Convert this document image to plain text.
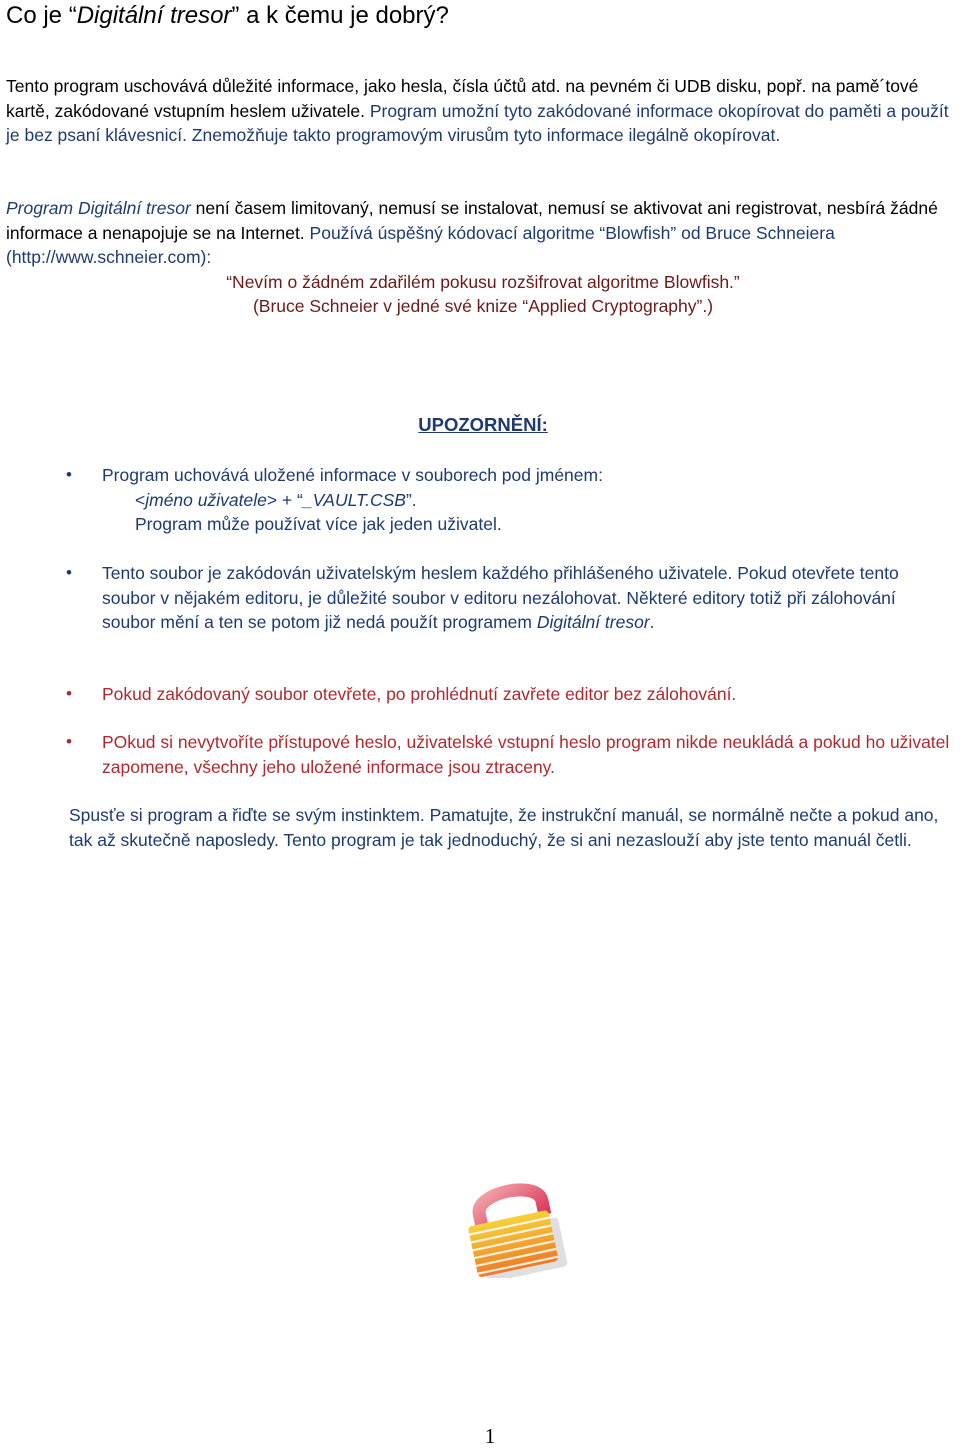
Co je “Digitální tresor” a k čemu je dobrý?
Tento program uschovává důležité informace, jako hesla, čísla účtů atd. na pevném či UDB disku, popř. na pamě´tové kartě, zakódované vstupním heslem uživatele. Program umožní tyto zakódované informace okopírovat do paměti a použít je bez psaní klávesnicí. Znemožňuje takto programovým virusům tyto informace ilegálně okopírovat.
Program Digitální tresor není časem limitovaný, nemusí se instalovat, nemusí se aktivovat ani registrovat, nesbírá žádné informace a nenapojuje se na Internet. Používá úspěšný kódovací algoritme “Blowfish” od Bruce Schneiera (http://www.schneier.com):
“Nevím o žádném zdařilém pokusu rozšifrovat algoritme Blowfish.”
(Bruce Schneier v jedné své knize “Applied Cryptography”.)
UPOZORNĚNÍ:
• Program uchovává uložené informace v souborech pod jménem:
<jméno uživatele> + “_VAULT.CSB”.
Program může používat více jak jeden uživatel.
• Tento soubor je zakódován uživatelským heslem každého přihlášeného uživatele. Pokud otevřete tento soubor v nějakém editoru, je důležité soubor v editoru nezálohovat. Některé editory totiž při zálohování soubor mění a ten se potom již nedá použít programem Digitální tresor.
• Pokud zakódovaný soubor otevřete, po prohlédnutí zavřete editor bez zálohování.
• POkud si nevytvoříte přístupové heslo, uživatelské vstupní heslo program nikde neukládá a pokud ho uživatel zapomene, všechny jeho uložené informace jsou ztraceny.
Spusťe si program a řiďte se svým instinktem. Pamatujte, že instrukční manuál, se normálně nečte a pokud ano, tak až skutečně naposledy. Tento program je tak jednoduchý, že si ani nezaslouží aby jste tento manuál četli.
1
